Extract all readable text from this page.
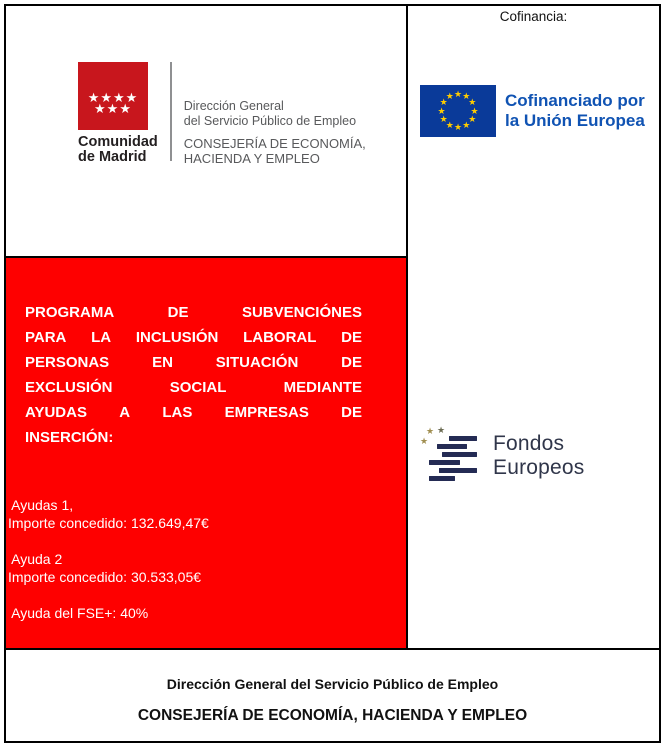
★★★★
★★★
Comunidad
de Madrid
Dirección General
del Servicio Público de Empleo
CONSEJERÍA DE ECONOMÍA,
HACIENDA Y EMPLEO
PROGRAMA	DE	SUBVENCIÓNES
PARA LA INCLUSIÓN LABORAL DE
PERSONAS	EN	SITUACIÓN	DE
EXCLUSIÓN	SOCIAL	MEDIANTE
AYUDAS A LAS EMPRESAS DE
INSERCIÓN:
Ayudas 1,
Importe concedido: 132.649,47€
Ayuda 2
Importe concedido: 30.533,05€
Ayuda del FSE+: 40%
Cofinancia:
★ ★
★
★
★
★
★
★
★
★
★
★	Cofinanciado por
la Unión Europea
★ ★
★	Fondos Europeos
Dirección General del Servicio Público de Empleo
CONSEJERÍA DE ECONOMÍA, HACIENDA Y EMPLEO
